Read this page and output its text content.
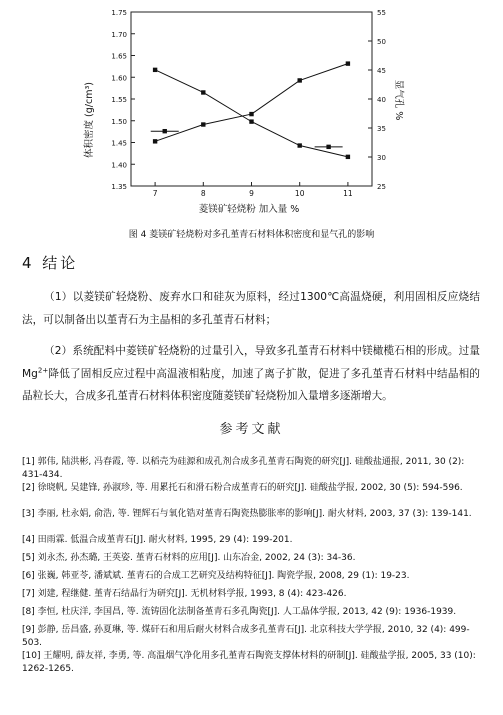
1.35
1.40
1.45
1.50
1.55
1.60
1.65
1.70
1.75
25
30
35
40
45
50
55
7	8	9	10	11
菱镁矿轻烧粉 加入量 %
体积密度 (g/cm³)	显气孔 %
图 4 菱镁矿轻烧粉对多孔堇青石材料体积密度和显气孔的影响
4 结论
（1）以菱镁矿轻烧粉、废弃水口和硅灰为原料，经过1300℃高温烧硬，利用固相反应烧结法，可以制备出以堇青石为主晶相的多孔堇青石材料；
（2）系统配料中菱镁矿轻烧粉的过量引入，导致多孔堇青石材料中镁橄榄石相的形成。过量$Mg^{2+}$降低了固相反应过程中高温液相粘度，加速了离子扩散，促进了多孔堇青石材料中结晶相的晶粒长大，合成多孔堇青石材料体积密度随菱镁矿轻烧粉加入量增多逐渐增大。
参考文献
[1] 郭伟, 陆洪彬, 冯春霞, 等. 以稻壳为硅源和成孔剂合成多孔堇青石陶瓷的研究[J]. 硅酸盐通报, 2011, 30 (2): 431-434.
[2] 徐晓帆, 吴建锋, 孙淑珍, 等. 用累托石和滑石粉合成堇青石的研究[J]. 硅酸盐学报, 2002, 30 (5): 594-596.
[3] 李丽, 杜永娟, 俞浩, 等. 锂辉石与氧化锆对堇青石陶瓷热膨胀率的影响[J]. 耐火材料, 2003, 37 (3): 139-141.
[4] 田雨霖. 低温合成堇青石[J]. 耐火材料, 1995, 29 (4): 199-201.
[5] 刘永杰, 孙杰璐, 王英姿. 堇青石材料的应用[J]. 山东冶金, 2002, 24 (3): 34-36.
[6] 张巍, 韩亚苓, 潘斌斌. 堇青石的合成工艺研究及结构特征[J]. 陶瓷学报, 2008, 29 (1): 19-23.
[7] 刘建, 程继健. 堇青石结晶行为研究[J]. 无机材料学报, 1993, 8 (4): 423-426.
[8] 李恒, 杜庆洋, 李国昌, 等. 流铸固化法制备堇青石多孔陶瓷[J]. 人工晶体学报, 2013, 42 (9): 1936-1939.
[9] 彭静, 岳昌盛, 孙夏琳, 等. 煤矸石和用后耐火材料合成多孔堇青石[J]. 北京科技大学学报, 2010, 32 (4): 499-503.
[10] 王耀明, 薛友祥, 李勇, 等. 高温烟气净化用多孔堇青石陶瓷支撑体材料的研制[J]. 硅酸盐学报, 2005, 33 (10): 1262-1265.
